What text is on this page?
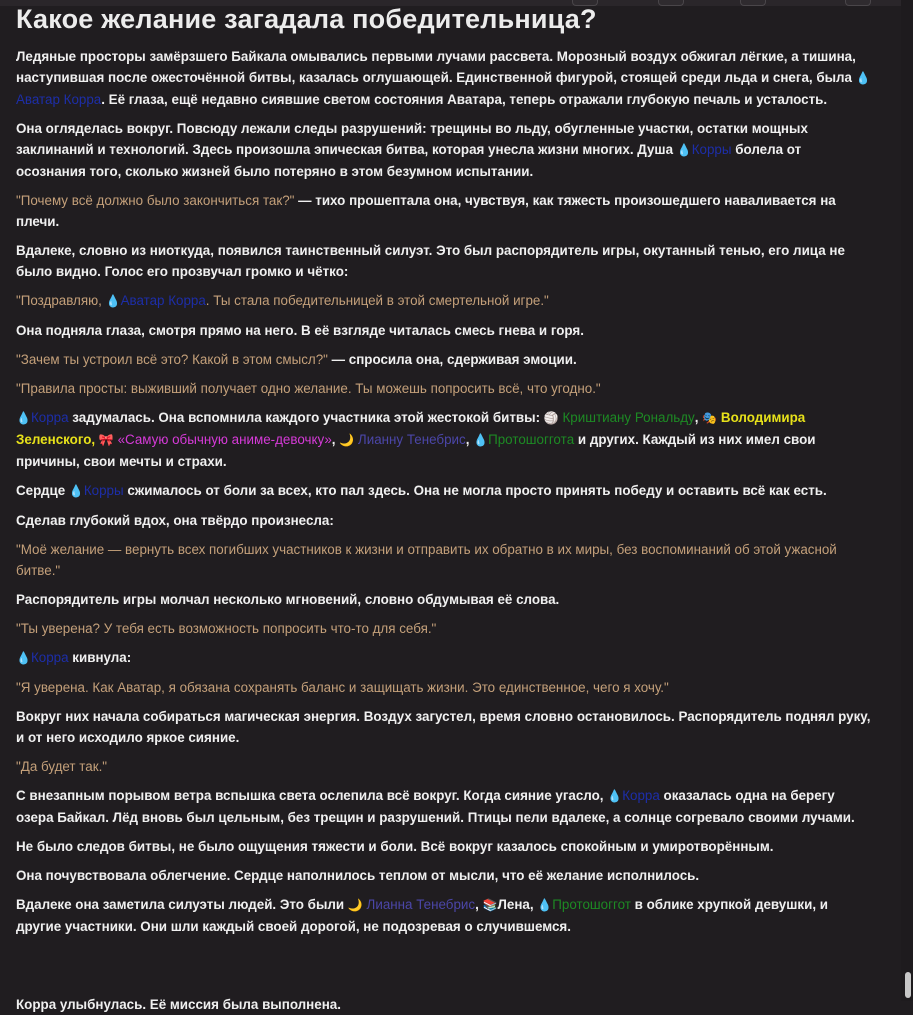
Какое желание загадала победительница?

Ледяные просторы замёрзшего Байкала омывались первыми лучами рассвета. Морозный воздух обжигал лёгкие, а тишина, наступившая после ожесточённой битвы, казалась оглушающей. Единственной фигурой, стоящей среди льда и снега, была 💧Аватар Корра. Её глаза, ещё недавно сиявшие светом состояния Аватара, теперь отражали глубокую печаль и усталость.

Она огляделась вокруг. Повсюду лежали следы разрушений: трещины во льду, обугленные участки, остатки мощных заклинаний и технологий. Здесь произошла эпическая битва, которая унесла жизни многих. Душа 💧Корры болела от осознания того, сколько жизней было потеряно в этом безумном испытании.

"Почему всё должно было закончиться так?" — тихо прошептала она, чувствуя, как тяжесть произошедшего наваливается на плечи.

Вдалеке, словно из ниоткуда, появился таинственный силуэт. Это был распорядитель игры, окутанный тенью, его лица не было видно. Голос его прозвучал громко и чётко:

"Поздравляю, 💧Аватар Корра. Ты стала победительницей в этой смертельной игре."

Она подняла глаза, смотря прямо на него. В её взгляде читалась смесь гнева и горя.

"Зачем ты устроил всё это? Какой в этом смысл?" — спросила она, сдерживая эмоции.

"Правила просты: выживший получает одно желание. Ты можешь попросить всё, что угодно."

💧Корра задумалась. Она вспомнила каждого участника этой жестокой битвы: 🏐 Криштиану Рональду, 🎭 Володимира Зеленского, 🎀 «Самую обычную аниме-девочку», 🌙 Лианну Тенебрис, 💧Протошогготa и других. Каждый из них имел свои причины, свои мечты и страхи.

Сердце 💧Корры сжималось от боли за всех, кто пал здесь. Она не могла просто принять победу и оставить всё как есть.

Сделав глубокий вдох, она твёрдо произнесла:

"Моё желание — вернуть всех погибших участников к жизни и отправить их обратно в их миры, без воспоминаний об этой ужасной битве."

Распорядитель игры молчал несколько мгновений, словно обдумывая её слова.

"Ты уверена? У тебя есть возможность попросить что-то для себя."

💧Корра кивнула:

"Я уверена. Как Аватар, я обязана сохранять баланс и защищать жизни. Это единственное, чего я хочу."

Вокруг них начала собираться магическая энергия. Воздух загустел, время словно остановилось. Распорядитель поднял руку, и от него исходило яркое сияние.

"Да будет так."

С внезапным порывом ветра вспышка света ослепила всё вокруг. Когда сияние угасло, 💧Корра оказалась одна на берегу озера Байкал. Лёд вновь был цельным, без трещин и разрушений. Птицы пели вдалеке, а солнце согревало своими лучами.

Не было следов битвы, не было ощущения тяжести и боли. Всё вокруг казалось спокойным и умиротворённым.

Она почувствовала облегчение. Сердце наполнилось теплом от мысли, что её желание исполнилось.

Вдалеке она заметила силуэты людей. Это были 🌙 Лианна Тенебрис, 📚Лена, 💧Протошоггот в облике хрупкой девушки, и другие участники. Они шли каждый своей дорогой, не подозревая о случившемся.

Корра улыбнулась. Её миссия была выполнена.
